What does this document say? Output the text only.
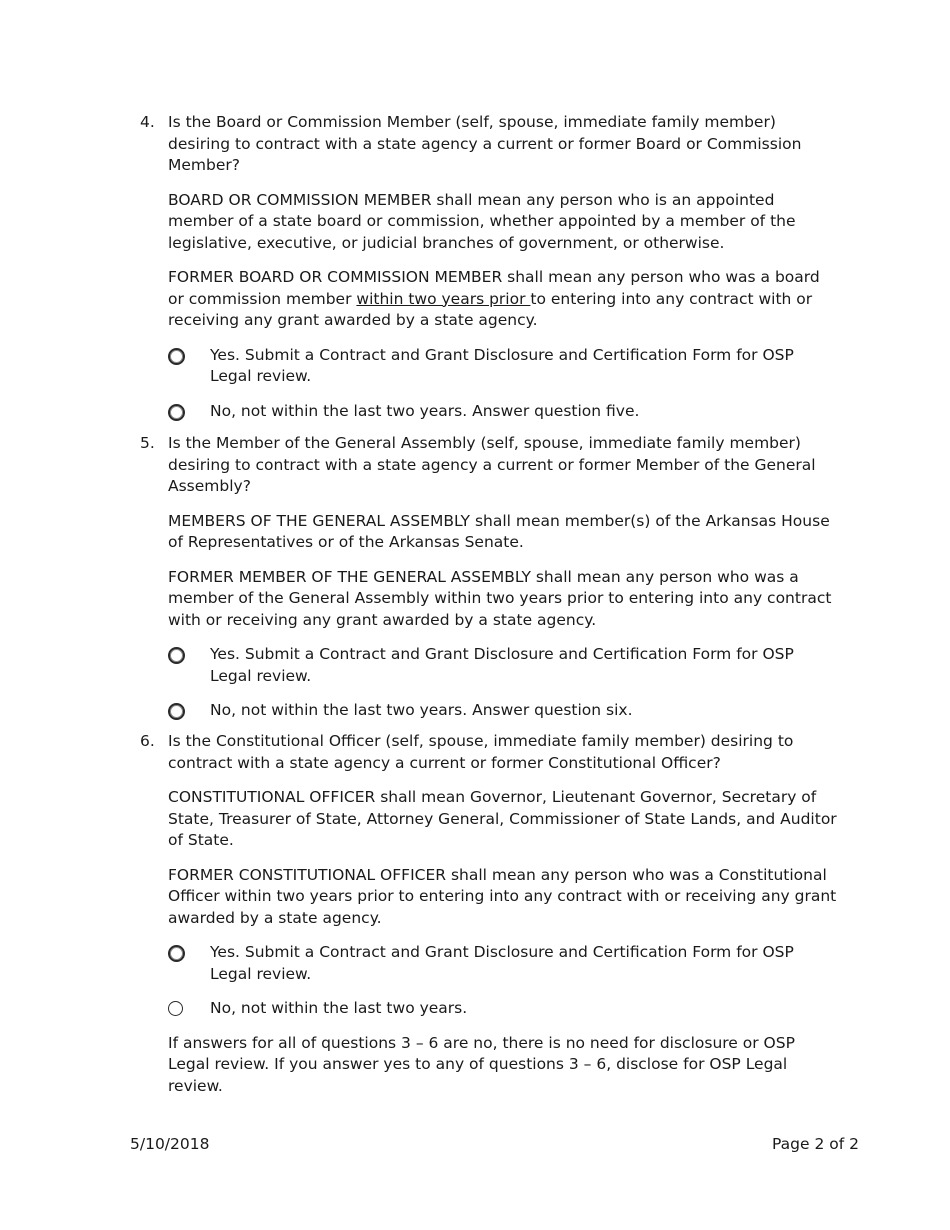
4. Is the Board or Commission Member (self, spouse, immediate family member) desiring to contract with a state agency a current or former Board or Commission Member?
BOARD OR COMMISSION MEMBER shall mean any person who is an appointed member of a state board or commission, whether appointed by a member of the legislative, executive, or judicial branches of government, or otherwise.
FORMER BOARD OR COMMISSION MEMBER shall mean any person who was a board or commission member within two years prior to entering into any contract with or receiving any grant awarded by a state agency.
Yes. Submit a Contract and Grant Disclosure and Certification Form for OSP Legal review.
No, not within the last two years. Answer question five.
5. Is the Member of the General Assembly (self, spouse, immediate family member) desiring to contract with a state agency a current or former Member of the General Assembly?
MEMBERS OF THE GENERAL ASSEMBLY shall mean member(s) of the Arkansas House of Representatives or of the Arkansas Senate.
FORMER MEMBER OF THE GENERAL ASSEMBLY shall mean any person who was a member of the General Assembly within two years prior to entering into any contract with or receiving any grant awarded by a state agency.
Yes. Submit a Contract and Grant Disclosure and Certification Form for OSP Legal review.
No, not within the last two years. Answer question six.
6. Is the Constitutional Officer (self, spouse, immediate family member) desiring to contract with a state agency a current or former Constitutional Officer?
CONSTITUTIONAL OFFICER shall mean Governor, Lieutenant Governor, Secretary of State, Treasurer of State, Attorney General, Commissioner of State Lands, and Auditor of State.
FORMER CONSTITUTIONAL OFFICER shall mean any person who was a Constitutional Officer within two years prior to entering into any contract with or receiving any grant awarded by a state agency.
Yes. Submit a Contract and Grant Disclosure and Certification Form for OSP Legal review.
No, not within the last two years.
If answers for all of questions 3 – 6 are no, there is no need for disclosure or OSP Legal review. If you answer yes to any of questions 3 – 6, disclose for OSP Legal review.
5/10/2018	Page 2 of 2
